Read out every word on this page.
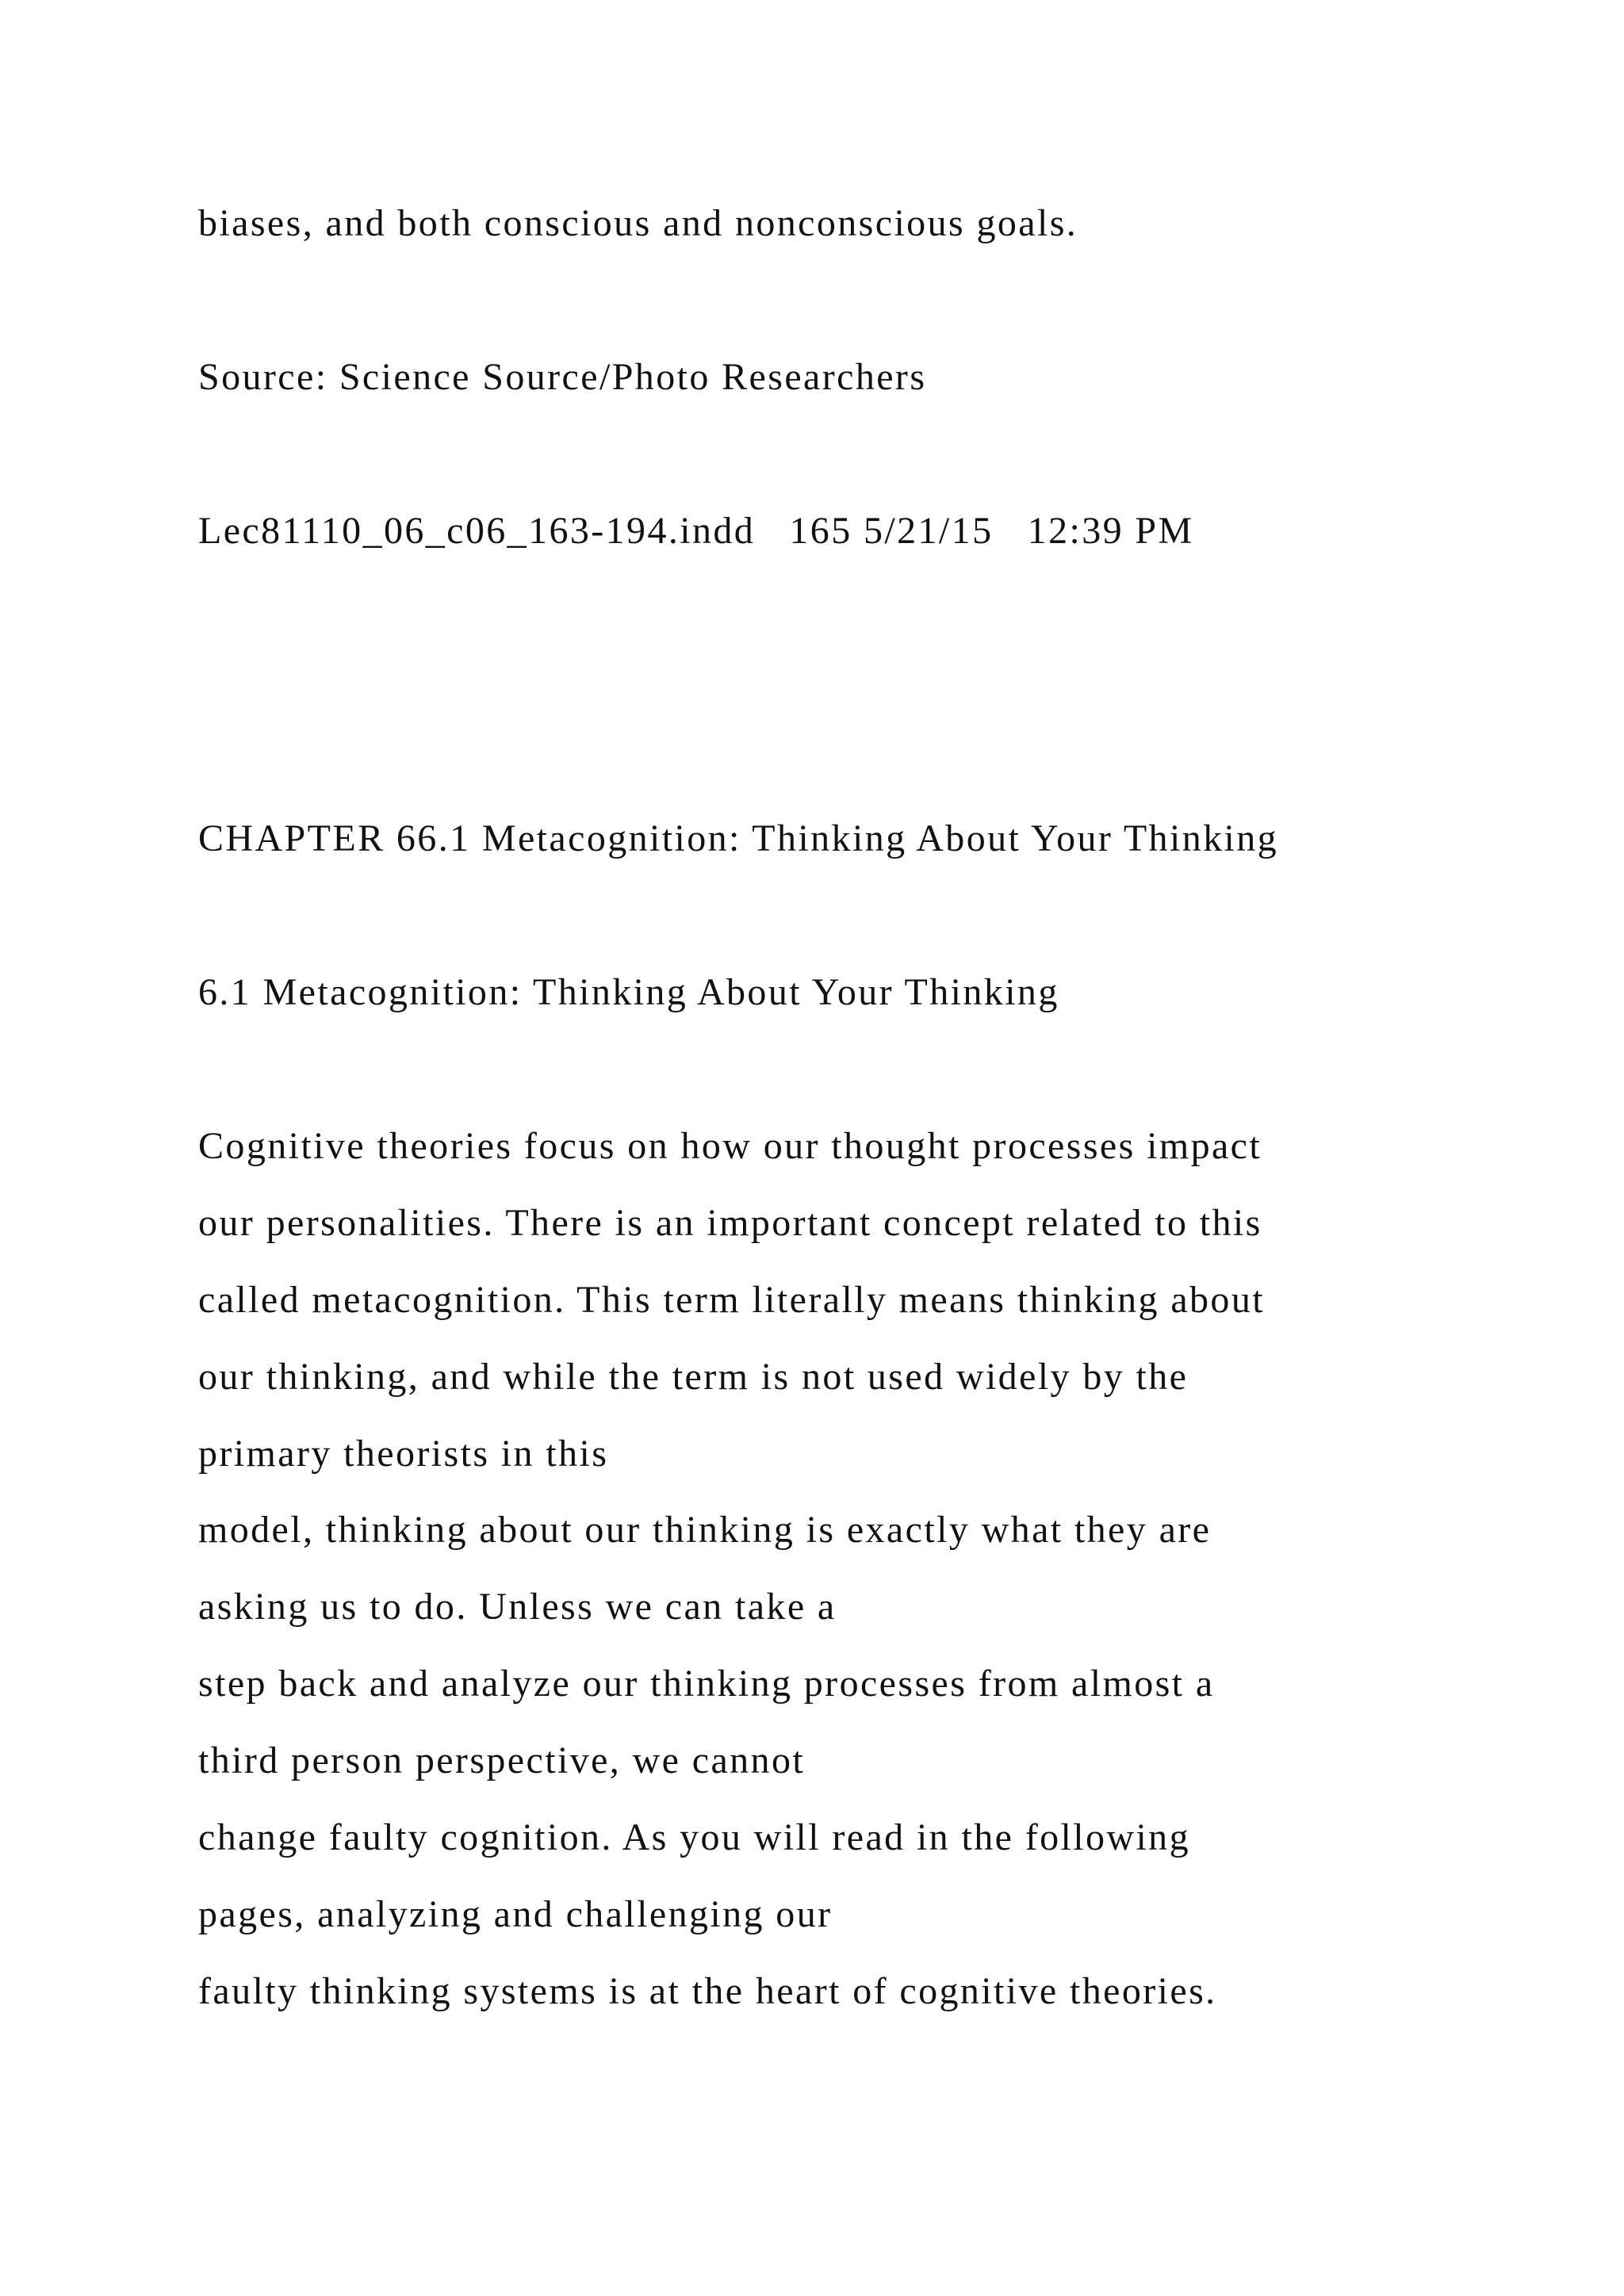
biases, and both conscious and nonconscious goals.

Source: Science Source/Photo Researchers

Lec81110_06_c06_163-194.indd   165 5/21/15   12:39 PM

CHAPTER 66.1 Metacognition: Thinking About Your Thinking

6.1 Metacognition: Thinking About Your Thinking

Cognitive theories focus on how our thought processes impact

our personalities. There is an important concept related to this

called metacognition. This term literally means thinking about

our thinking, and while the term is not used widely by the

primary theorists in this

model, thinking about our thinking is exactly what they are

asking us to do. Unless we can take a

step back and analyze our thinking processes from almost a

third person perspective, we cannot

change faulty cognition. As you will read in the following

pages, analyzing and challenging our

faulty thinking systems is at the heart of cognitive theories.
